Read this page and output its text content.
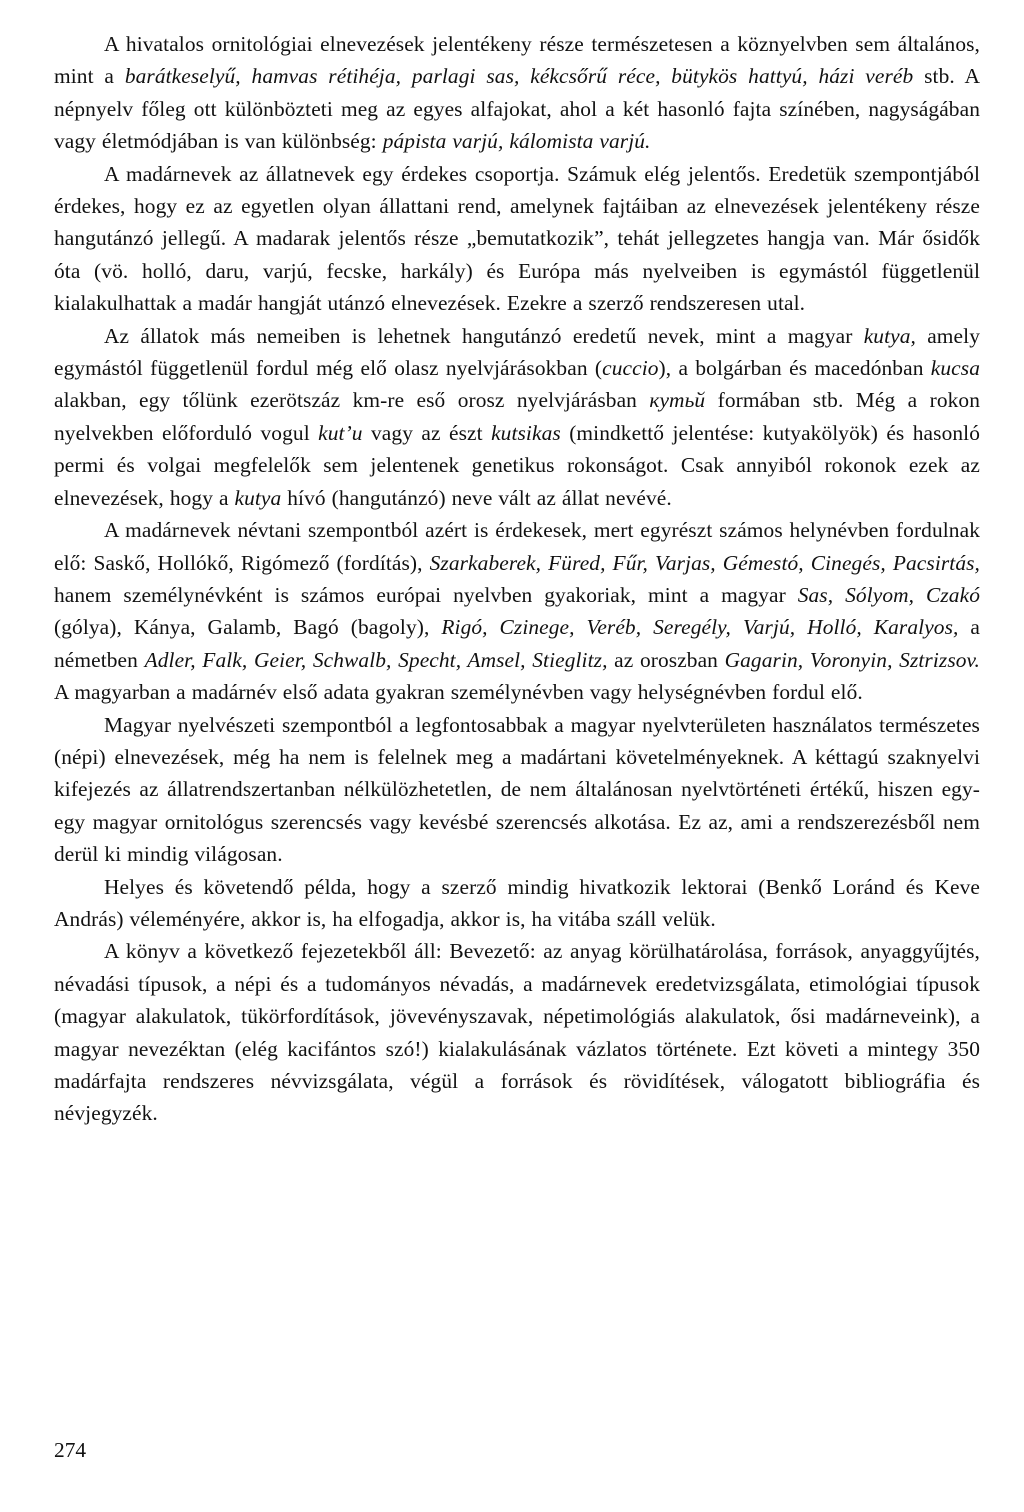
A hivatalos ornitológiai elnevezések jelentékeny része természetesen a köznyelvben sem általános, mint a barátkeselyű, hamvas rétihéja, parlagi sas, kékcsőrű réce, bütykös hattyú, házi veréb stb. A népnyelv főleg ott különbözteti meg az egyes alfajokat, ahol a két hasonló fajta színében, nagyságában vagy életmódjában is van különbség: pápista varjú, kálomista varjú.

A madárnevek az állatnevek egy érdekes csoportja. Számuk elég jelentős. Eredetük szempontjából érdekes, hogy ez az egyetlen olyan állattani rend, amelynek fajtáiban az elnevezések jelentékeny része hangutánzó jellegű. A madarak jelentős része „bemutatkozik”, tehát jellegzetes hangja van. Már ősidők óta (vö. holló, daru, varjú, fecske, harkály) és Európa más nyelveiben is egymástól függetlenül kialakulhattak a madár hangját utánzó elnevezések. Ezekre a szerző rendszeresen utal.

Az állatok más nemeiben is lehetnek hangutánzó eredetű nevek, mint a magyar kutya, amely egymástól függetlenül fordul még elő olasz nyelvjárásokban (cuccio), a bolgárban és macedónban kucsa alakban, egy tőlünk ezerötszáz km-re eső orosz nyelvjárásban кутьй formában stb. Még a rokon nyelvekben előforduló vogul kut’u vagy az észt kutsikas (mindkettő jelentése: kutyakölyök) és hasonló permi és volgai megfelelők sem jelentenek genetikus rokonságot. Csak annyiból rokonok ezek az elnevezések, hogy a kutya hívó (hangutánzó) neve vált az állat nevévé.

A madárnevek névtani szempontból azért is érdekesek, mert egyrészt számos helynévben fordulnak elő: Saskő, Hollókő, Rigómező (fordítás), Szarkaberek, Füred, Fűr, Varjas, Gémestó, Cinegés, Pacsirtás, hanem személynévként is számos európai nyelvben gyakoriak, mint a magyar Sas, Sólyom, Czakó (gólya), Kánya, Galamb, Bagó (bagoly), Rigó, Czinege, Veréb, Seregély, Varjú, Holló, Karalyos, a németben Adler, Falk, Geier, Schwalb, Specht, Amsel, Stieglitz, az oroszban Gagarin, Voronyin, Sztrizsov. A magyarban a madárnév első adata gyakran személynévben vagy helységnévben fordul elő.

Magyar nyelvészeti szempontból a legfontosabbak a magyar nyelvterületen használatos természetes (népi) elnevezések, még ha nem is felelnek meg a madártani követelményeknek. A kéttagú szaknyelvi kifejezés az állatrendszertanban nélkülözhetetlen, de nem általánosan nyelvtörténeti értékű, hiszen egy-egy magyar ornitológus szerencsés vagy kevésbé szerencsés alkotása. Ez az, ami a rendszerezésből nem derül ki mindig világosan.

Helyes és követendő példa, hogy a szerző mindig hivatkozik lektorai (Benkő Loránd és Keve András) véleményére, akkor is, ha elfogadja, akkor is, ha vitába száll velük.

A könyv a következő fejezetekből áll: Bevezető: az anyag körülhatárolása, források, anyaggyűjtés, névadási típusok, a népi és a tudományos névadás, a madárnevek eredetvizsgálata, etimológiai típusok (magyar alakulatok, tükörfordítások, jövevényszavak, népetimológiás alakulatok, ősi madárneveink), a magyar nevezéktan (elég kacifántos szó!) kialakulásának vázlatos története. Ezt követi a mintegy 350 madárfajta rendszeres névvizsgálata, végül a források és rövidítések, válogatott bibliográfia és névjegyzék.

274
